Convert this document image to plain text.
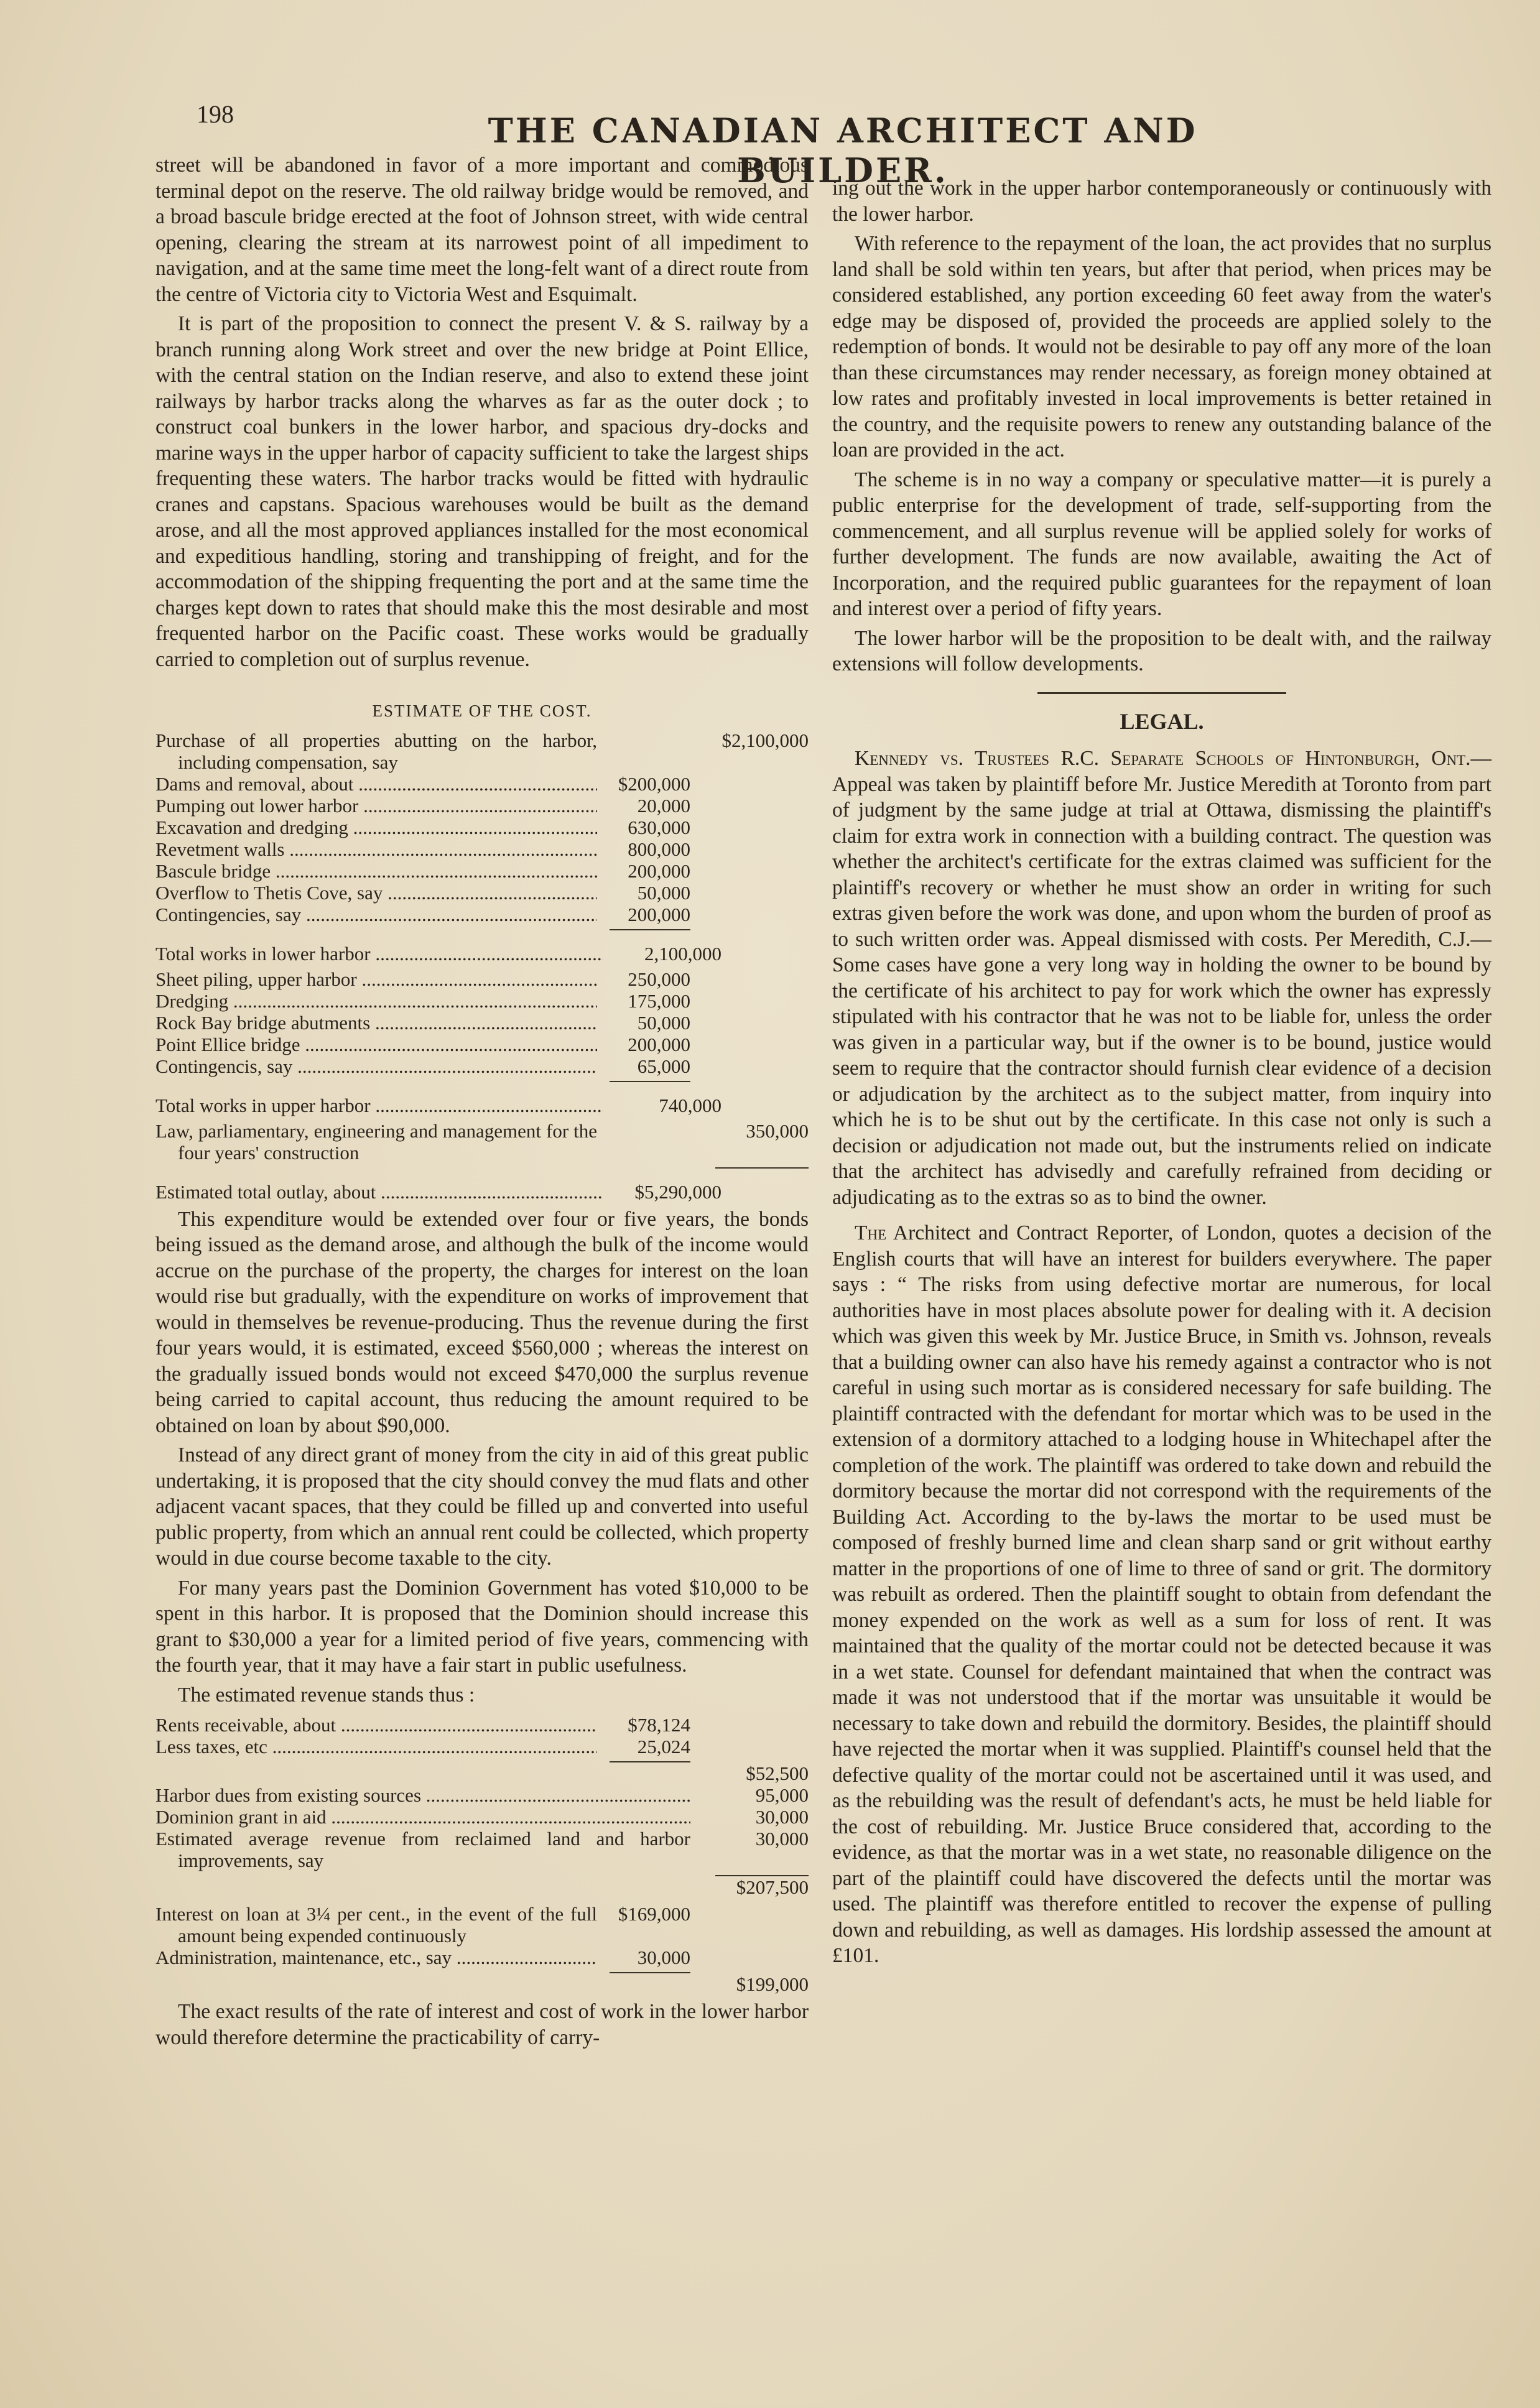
198	THE CANADIAN ARCHITECT AND BUILDER.

street will be abandoned in favor of a more important and commodious terminal depot on the reserve. The old railway bridge would be removed, and a broad bascule bridge erected at the foot of Johnson street, with wide central opening, clearing the stream at its narrowest point of all impediment to navigation, and at the same time meet the long-felt want of a direct route from the centre of Victoria city to Victoria West and Esquimalt.

It is part of the proposition to connect the present V. & S. railway by a branch running along Work street and over the new bridge at Point Ellice, with the central station on the Indian reserve, and also to extend these joint railways by harbor tracks along the wharves as far as the outer dock ; to construct coal bunkers in the lower harbor, and spacious dry-docks and marine ways in the upper harbor of capacity sufficient to take the largest ships frequenting these waters. The harbor tracks would be fitted with hydraulic cranes and capstans. Spacious warehouses would be built as the demand arose, and all the most approved appliances installed for the most economical and expeditious handling, storing and transhipping of freight, and for the accommodation of the shipping frequenting the port and at the same time the charges kept down to rates that should make this the most desirable and most frequented harbor on the Pacific coast. These works would be gradually carried to completion out of surplus revenue.

ESTIMATE OF THE COST.
Purchase of all properties abutting on the harbor, including compensation, say
$2,100,000
Dams and removal, about .....	$200,000
Pumping out lower harbor .....	20,000
Excavation and dredging .....	630,000
Revetment walls .....	800,000
Bascule bridge .....	200,000
Overflow to Thetis Cove, say .....	50,000
Contingencies, say .....	200,000
Total works in lower harbor .....	2,100,000
Sheet piling, upper harbor .....	250,000
Dredging .....	175,000
Rock Bay bridge abutments .....	50,000
Point Ellice bridge .....	200,000
Contingencis, say .....	65,000
Total works in upper harbor .....	740,000
Law, parliamentary, engineering and management for the four years' construction
350,000
Estimated total outlay, about .....	$5,290,000

This expenditure would be extended over four or five years, the bonds being issued as the demand arose, and although the bulk of the income would accrue on the purchase of the property, the charges for interest on the loan would rise but gradually, with the expenditure on works of improvement that would in themselves be revenue-producing. Thus the revenue during the first four years would, it is estimated, exceed $560,000 ; whereas the interest on the gradually issued bonds would not exceed $470,000 the surplus revenue being carried to capital account, thus reducing the amount required to be obtained on loan by about $90,000.

Instead of any direct grant of money from the city in aid of this great public undertaking, it is proposed that the city should convey the mud flats and other adjacent vacant spaces, that they could be filled up and converted into useful public property, from which an annual rent could be collected, which property would in due course become taxable to the city.

For many years past the Dominion Government has voted $10,000 to be spent in this harbor. It is proposed that the Dominion should increase this grant to $30,000 a year for a limited period of five years, commencing with the fourth year, that it may have a fair start in public usefulness.

The estimated revenue stands thus :

Rents receivable, about .....	$78,124
Less taxes, etc .....	25,024
$52,500
Harbor dues from existing sources .....	95,000
Dominion grant in aid .....	30,000
Estimated average revenue from reclaimed land and harbor improvements, say
30,000
$207,500
Interest on loan at 3¼ per cent., in the event of the full amount being expended continuously
$169,000
Administration, maintenance, etc., say .....	30,000
$199,000

The exact results of the rate of interest and cost of work in the lower harbor would therefore determine the practicability of carry-

ing out the work in the upper harbor contemporaneously or continuously with the lower harbor.

With reference to the repayment of the loan, the act provides that no surplus land shall be sold within ten years, but after that period, when prices may be considered established, any portion exceeding 60 feet away from the water's edge may be disposed of, provided the proceeds are applied solely to the redemption of bonds. It would not be desirable to pay off any more of the loan than these circumstances may render necessary, as foreign money obtained at low rates and profitably invested in local improvements is better retained in the country, and the requisite powers to renew any outstanding balance of the loan are provided in the act.

The scheme is in no way a company or speculative matter—it is purely a public enterprise for the development of trade, self-supporting from the commencement, and all surplus revenue will be applied solely for works of further development. The funds are now available, awaiting the Act of Incorporation, and the required public guarantees for the repayment of loan and interest over a period of fifty years.

The lower harbor will be the proposition to be dealt with, and the railway extensions will follow developments.

LEGAL.

Kennedy vs. Trustees R.C. Separate Schools of Hintonburgh, Ont.—Appeal was taken by plaintiff before Mr. Justice Meredith at Toronto from part of judgment by the same judge at trial at Ottawa, dismissing the plaintiff's claim for extra work in connection with a building contract. The question was whether the architect's certificate for the extras claimed was sufficient for the plaintiff's recovery or whether he must show an order in writing for such extras given before the work was done, and upon whom the burden of proof as to such written order was. Appeal dismissed with costs. Per Meredith, C.J.—Some cases have gone a very long way in holding the owner to be bound by the certificate of his architect to pay for work which the owner has expressly stipulated with his contractor that he was not to be liable for, unless the order was given in a particular way, but if the owner is to be bound, justice would seem to require that the contractor should furnish clear evidence of a decision or adjudication by the architect as to the subject matter, from inquiry into which he is to be shut out by the certificate. In this case not only is such a decision or adjudication not made out, but the instruments relied on indicate that the architect has advisedly and carefully refrained from deciding or adjudicating as to the extras so as to bind the owner.

The Architect and Contract Reporter, of London, quotes a decision of the English courts that will have an interest for builders everywhere. The paper says : “ The risks from using defective mortar are numerous, for local authorities have in most places absolute power for dealing with it. A decision which was given this week by Mr. Justice Bruce, in Smith vs. Johnson, reveals that a building owner can also have his remedy against a contractor who is not careful in using such mortar as is considered necessary for safe building. The plaintiff contracted with the defendant for mortar which was to be used in the extension of a dormitory attached to a lodging house in Whitechapel after the completion of the work. The plaintiff was ordered to take down and rebuild the dormitory because the mortar did not correspond with the requirements of the Building Act. According to the by-laws the mortar to be used must be composed of freshly burned lime and clean sharp sand or grit without earthy matter in the proportions of one of lime to three of sand or grit. The dormitory was rebuilt as ordered. Then the plaintiff sought to obtain from defendant the money expended on the work as well as a sum for loss of rent. It was maintained that the quality of the mortar could not be detected because it was in a wet state. Counsel for defendant maintained that when the contract was made it was not understood that if the mortar was unsuitable it would be necessary to take down and rebuild the dormitory. Besides, the plaintiff should have rejected the mortar when it was supplied. Plaintiff's counsel held that the defective quality of the mortar could not be ascertained until it was used, and as the rebuilding was the result of defendant's acts, he must be held liable for the cost of rebuilding. Mr. Justice Bruce considered that, according to the evidence, as that the mortar was in a wet state, no reasonable diligence on the part of the plaintiff could have discovered the defects until the mortar was used. The plaintiff was therefore entitled to recover the expense of pulling down and rebuilding, as well as damages. His lordship assessed the amount at £101.
